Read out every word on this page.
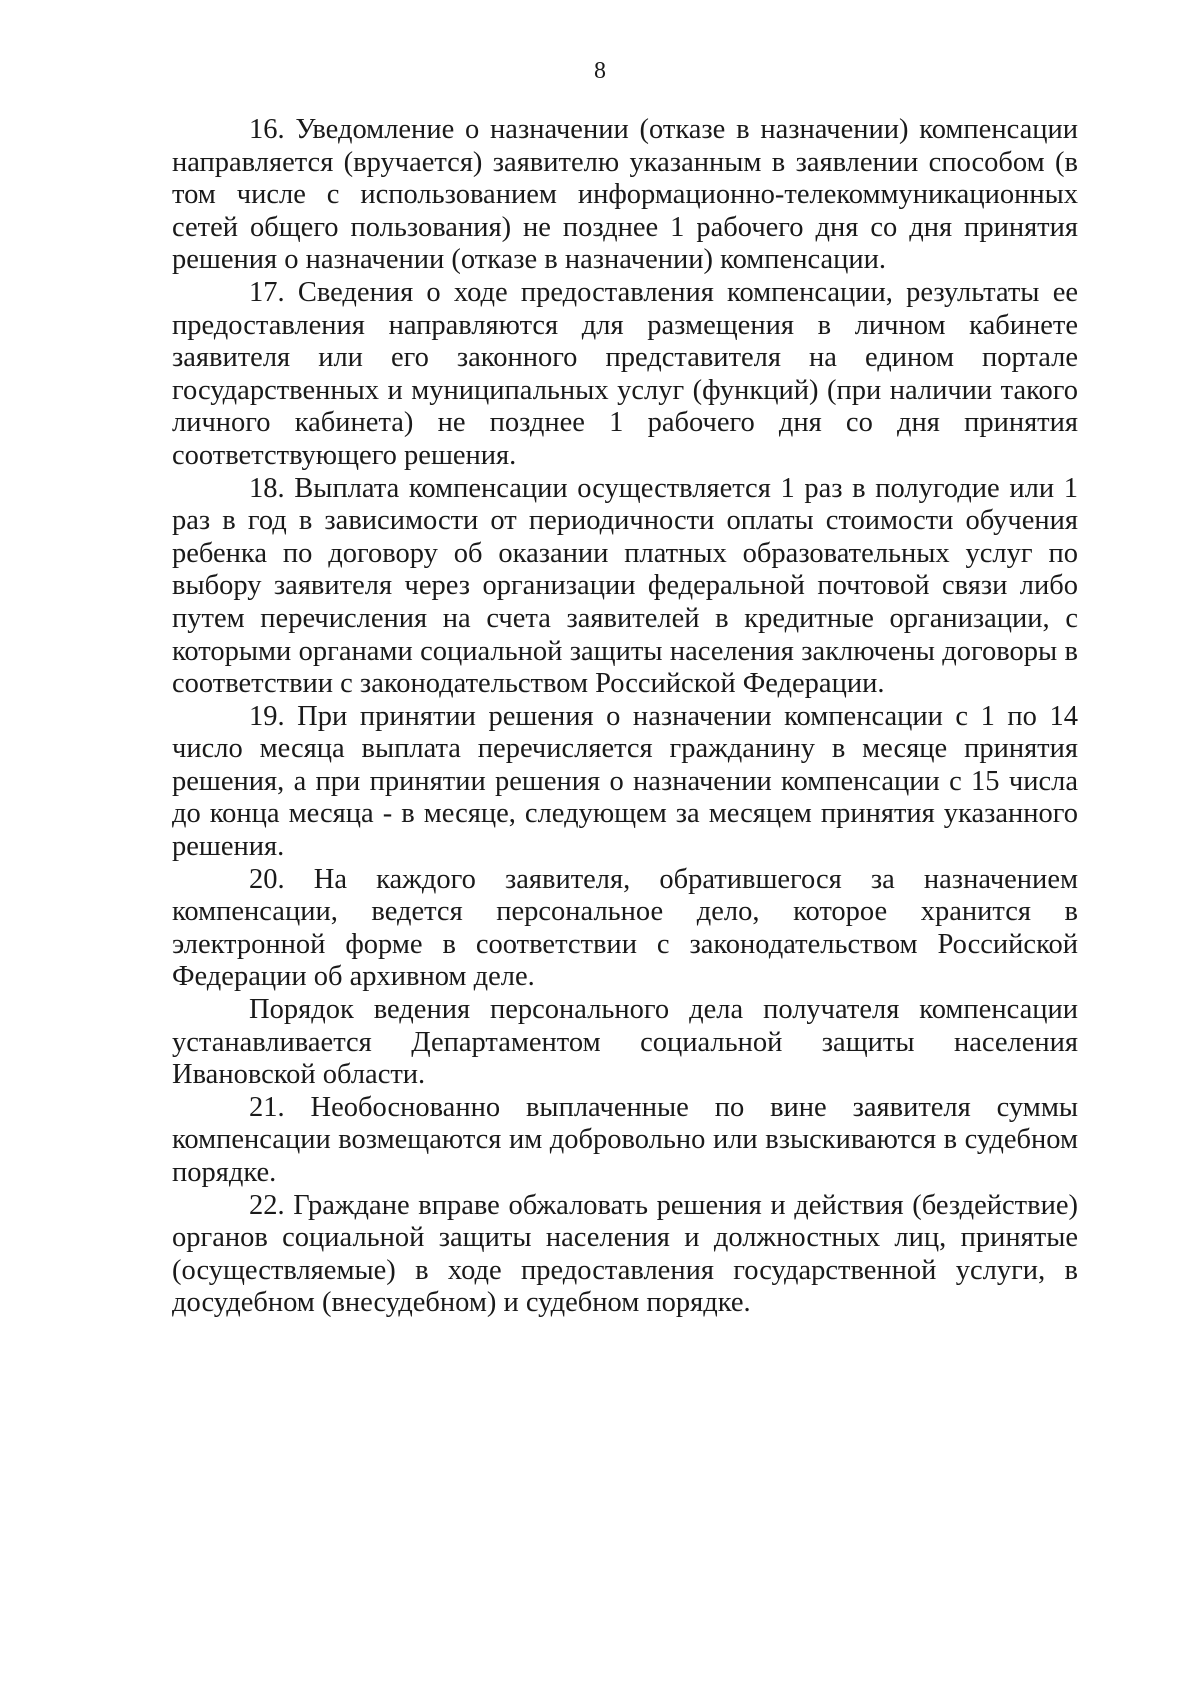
8

16. Уведомление о назначении (отказе в назначении) компенсации направляется (вручается) заявителю указанным в заявлении способом (в том числе с использованием информационно-телекоммуникационных сетей общего пользования) не позднее 1 рабочего дня со дня принятия решения о назначении (отказе в назначении) компенсации.

17. Сведения о ходе предоставления компенсации, результаты ее предоставления направляются для размещения в личном кабинете заявителя или его законного представителя на едином портале государственных и муниципальных услуг (функций) (при наличии такого личного кабинета) не позднее 1 рабочего дня со дня принятия соответствующего решения.

18. Выплата компенсации осуществляется 1 раз в полугодие или 1 раз в год в зависимости от периодичности оплаты стоимости обучения ребенка по договору об оказании платных образовательных услуг по выбору заявителя через организации федеральной почтовой связи либо путем перечисления на счета заявителей в кредитные организации, с которыми органами социальной защиты населения заключены договоры в соответствии с законодательством Российской Федерации.

19. При принятии решения о назначении компенсации с 1 по 14 число месяца выплата перечисляется гражданину в месяце принятия решения, а при принятии решения о назначении компенсации с 15 числа до конца месяца - в месяце, следующем за месяцем принятия указанного решения.

20. На каждого заявителя, обратившегося за назначением компенсации, ведется персональное дело, которое хранится в электронной форме в соответствии с законодательством Российской Федерации об архивном деле.

Порядок ведения персонального дела получателя компенсации устанавливается Департаментом социальной защиты населения Ивановской области.

21. Необоснованно выплаченные по вине заявителя суммы компенсации возмещаются им добровольно или взыскиваются в судебном порядке.

22. Граждане вправе обжаловать решения и действия (бездействие) органов социальной защиты населения и должностных лиц, принятые (осуществляемые) в ходе предоставления государственной услуги, в досудебном (внесудебном) и судебном порядке.
